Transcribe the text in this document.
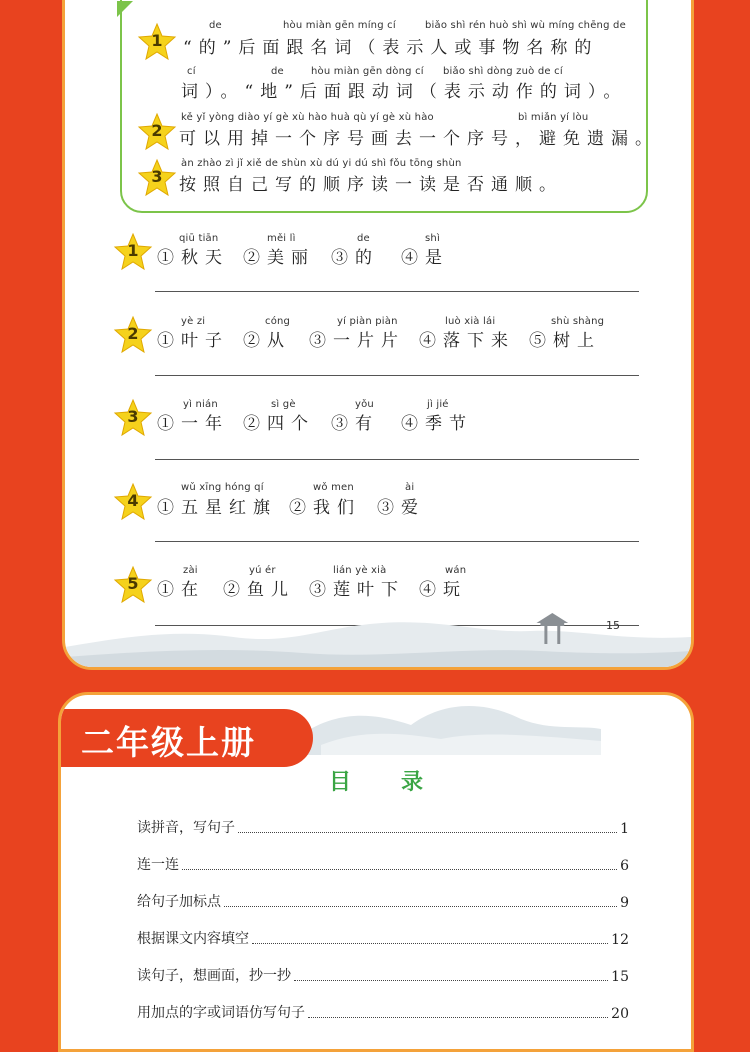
1
de	hòu miàn gēn míng cí	biǎo shì rén huò shì wù míng chēng de
“的”后面跟名词（表示人或事物名称的
cí	de	hòu miàn gēn dòng cí biǎo shì dòng zuò de cí
词）。“地”后面跟动词（表示动作的词）。
2
kě yǐ yòng diào yí gè xù hào huà qù yí gè xù hào	bì miǎn yí lòu
可以用掉一个序号画去一个序号，避免遗漏。
3
àn zhào zì jǐ xiě de shùn xù dú yi dú shì fǒu tōng shùn
按照自己写的顺序读一读是否通顺。
1
qiū tiān	měi lì	de	shì
①秋天 ②美丽 ③的 ④是
2
yè zi	cóng	yí piàn piàn	luò xià lái	shù shàng
①叶子 ②从 ③一片片 ④落下来 ⑤树上
3
yì nián	sì gè	yǒu	jì jié
①一年 ②四个 ③有 ④季节
4
wǔ xīng hóng qí	wǒ men	ài
①五星红旗 ②我们 ③爱
5
zài	yú ér	lián yè xià	wán
①在 ②鱼儿 ③莲叶下 ④玩
15
二年级上册
目录
读拼音，写句子	1
连一连	6
给句子加标点	9
根据课文内容填空	12
读句子，想画面，抄一抄	15
用加点的字或词语仿写句子	20
